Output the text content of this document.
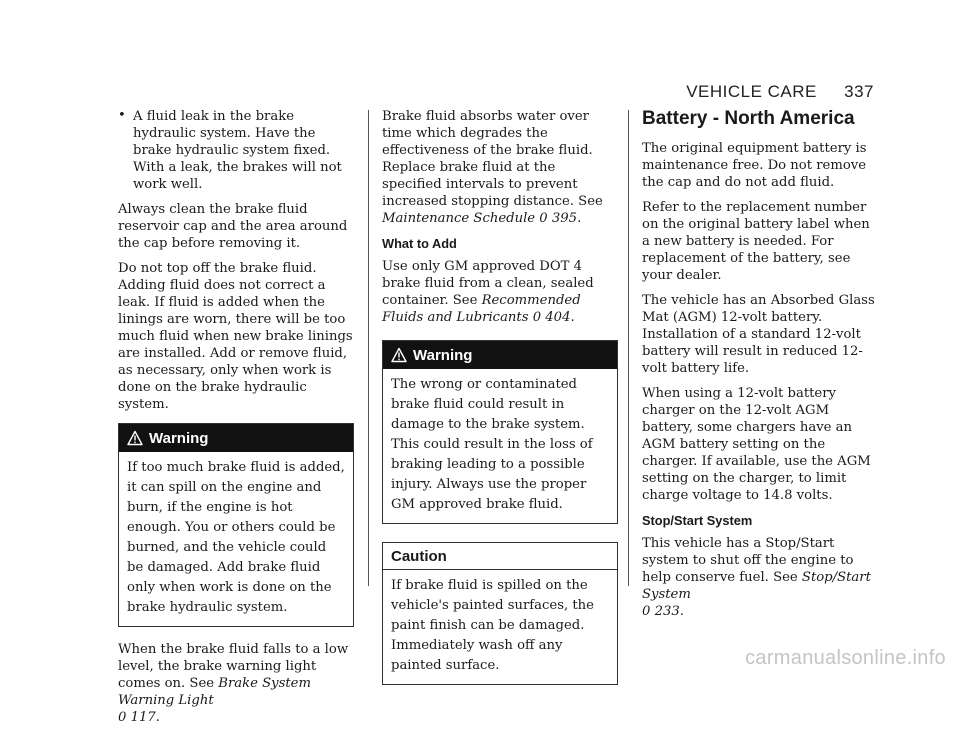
VEHICLE CARE 337
• A fluid leak in the brake hydraulic system. Have the brake hydraulic system fixed. With a leak, the brakes will not work well.

Always clean the brake fluid reservoir cap and the area around the cap before removing it.

Do not top off the brake fluid. Adding fluid does not correct a leak. If fluid is added when the linings are worn, there will be too much fluid when new brake linings are installed. Add or remove fluid, as necessary, only when work is done on the brake hydraulic system.

Warning
If too much brake fluid is added, it can spill on the engine and burn, if the engine is hot enough. You or others could be burned, and the vehicle could be damaged. Add brake fluid only when work is done on the brake hydraulic system.

When the brake fluid falls to a low level, the brake warning light comes on. See Brake System Warning Light
0 117.

Brake fluid absorbs water over time which degrades the effectiveness of the brake fluid. Replace brake fluid at the specified intervals to prevent increased stopping distance. See
Maintenance Schedule 0 395.

What to Add

Use only GM approved DOT 4 brake fluid from a clean, sealed container. See Recommended Fluids and Lubricants 0 404.

Warning
The wrong or contaminated brake fluid could result in damage to the brake system. This could result in the loss of braking leading to a possible injury. Always use the proper GM approved brake fluid.
Caution
If brake fluid is spilled on the vehicle's painted surfaces, the paint finish can be damaged. Immediately wash off any painted surface.
Battery - North America

The original equipment battery is maintenance free. Do not remove the cap and do not add fluid.

Refer to the replacement number on the original battery label when a new battery is needed. For replacement of the battery, see your dealer.

The vehicle has an Absorbed Glass Mat (AGM) 12-volt battery. Installation of a standard 12-volt battery will result in reduced 12-volt battery life.

When using a 12-volt battery charger on the 12-volt AGM battery, some chargers have an AGM battery setting on the charger. If available, use the AGM setting on the charger, to limit charge voltage to 14.8 volts.

Stop/Start System

This vehicle has a Stop/Start system to shut off the engine to help conserve fuel. See Stop/Start System
0 233.

carmanualsonline.info
